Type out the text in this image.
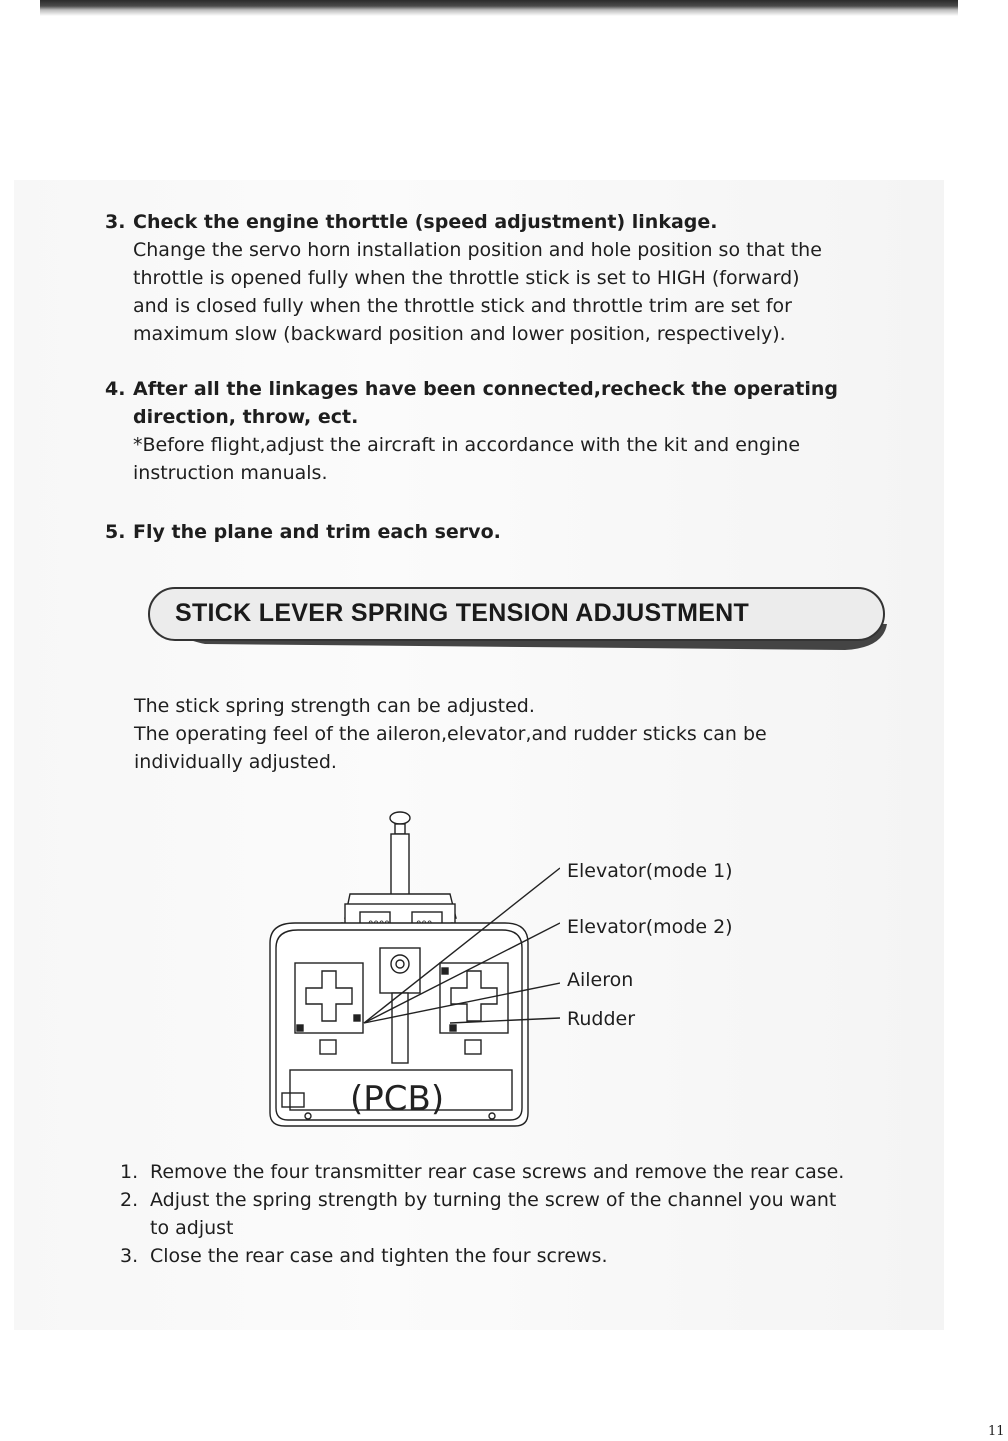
3. Check the engine thorttle (speed adjustment) linkage.
Change the servo horn installation position and hole position so that the
throttle is opened fully when the throttle stick is set to HIGH (forward)
and is closed fully when the throttle stick and throttle trim are set for
maximum slow (backward position and lower position, respectively).
4. After all the linkages have been connected,recheck the operating
direction, throw, ect.
*Before flight,adjust the aircraft in accordance with the kit and engine
instruction manuals.
5. Fly the plane and trim each servo.
STICK LEVER SPRING TENSION ADJUSTMENT
The stick spring strength can be adjusted.
The operating feel of the aileron,elevator,and rudder sticks can be
individually adjusted.
(PCB)
Elevator(mode 1)
Elevator(mode 2)
Aileron
Rudder
1. Remove the four transmitter rear case screws and remove the rear case.
2. Adjust the spring strength by turning the screw of the channel you want
to adjust
3. Close the rear case and tighten the four screws.
11
